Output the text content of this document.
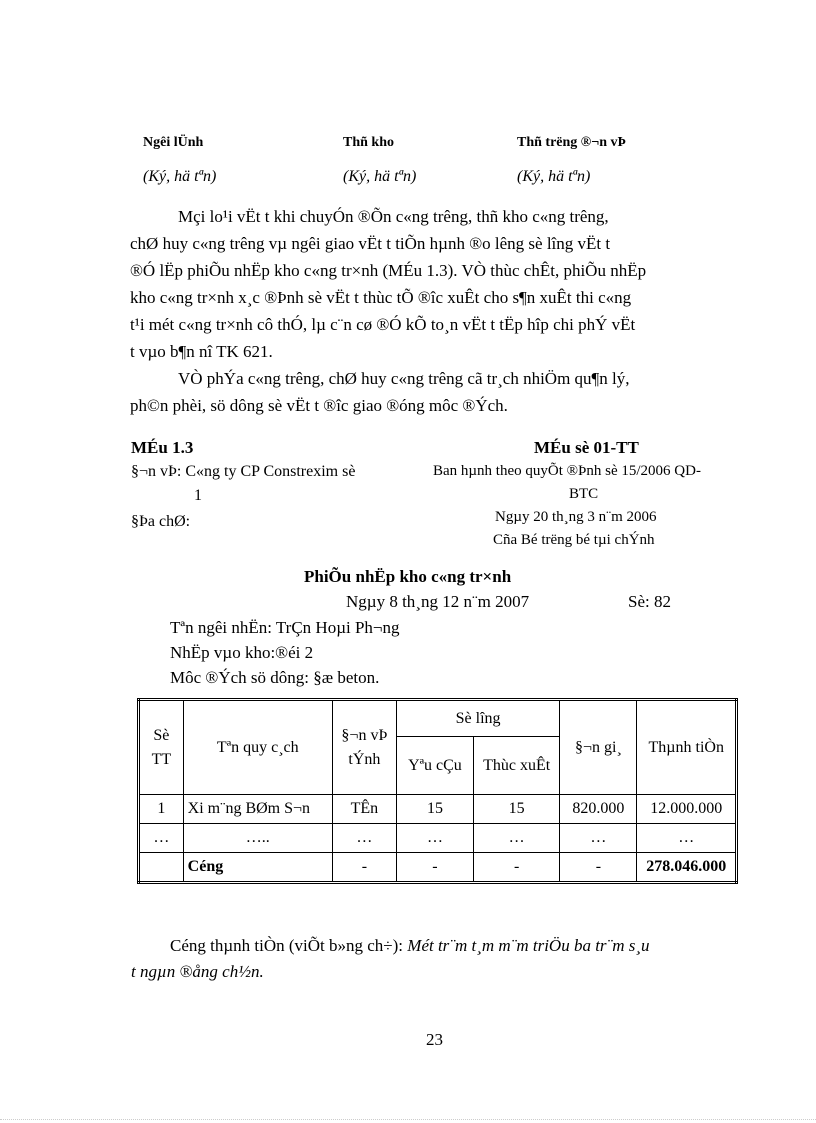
Ngêi lÜnh	Thñ kho	Thñ trëng ®¬n vÞ
(Ký, hä tªn)	(Ký, hä tªn)	(Ký, hä tªn)
Mçi lo¹i vËt t khi chuyÓn ®Õn c«ng trêng, thñ kho c«ng trêng,
chØ huy c«ng trêng vµ ngêi giao vËt t tiÕn hµnh ®o lêng sè lîng vËt t
®Ó lËp phiÕu nhËp kho c«ng tr×nh (MÉu 1.3). VÒ thùc chÊt, phiÕu nhËp
kho c«ng tr×nh x¸c ®Þnh sè vËt t thùc tÕ ®îc xuÊt cho s¶n xuÊt thi c«ng
t¹i mét c«ng tr×nh cô thÓ, lµ c¨n cø ®Ó kÕ to¸n vËt t tËp hîp chi phÝ vËt
t vµo b¶n nî TK 621.
VÒ phÝa c«ng trêng, chØ huy c«ng trêng cã tr¸ch nhiÖm qu¶n lý,
ph©n phèi, sö dông sè vËt t ®îc giao ®óng môc ®Ých.
MÉu 1.3
§¬n vÞ: C«ng ty CP Constrexim sè
1
§Þa chØ:
MÉu sè 01-TT
Ban hµnh theo quyÕt ®Þnh sè 15/2006 QD-
BTC
Ngµy 20 th¸ng 3 n¨m 2006
Cña Bé trëng bé tµi chÝnh
PhiÕu nhËp kho c«ng tr×nh
Ngµy 8 th¸ng 12 n¨m 2007	Sè: 82
Tªn ngêi nhËn: TrÇn Hoµi Ph¬ng
NhËp vµo kho:®éi 2
Môc ®Ých sö dông: §æ beton.
Sè TT	Tªn quy c¸ch	§¬n vÞ tÝnh	Sè lîng		§¬n gi¸	Thµnh tiÒn
			Yªu cÇu	Thùc xuÊt		
1	Xi m¨ng BØm S¬n	TÊn	15	15	820.000	12.000.000
…	…..	…	…	…	…	…
	Céng	-	-	-	-	278.046.000
Céng thµnh tiÒn (viÕt b»ng ch÷): Mét tr¨m t¸m m¨m triÖu ba tr¨m s¸u
t ngµn ®ång ch½n.
23
